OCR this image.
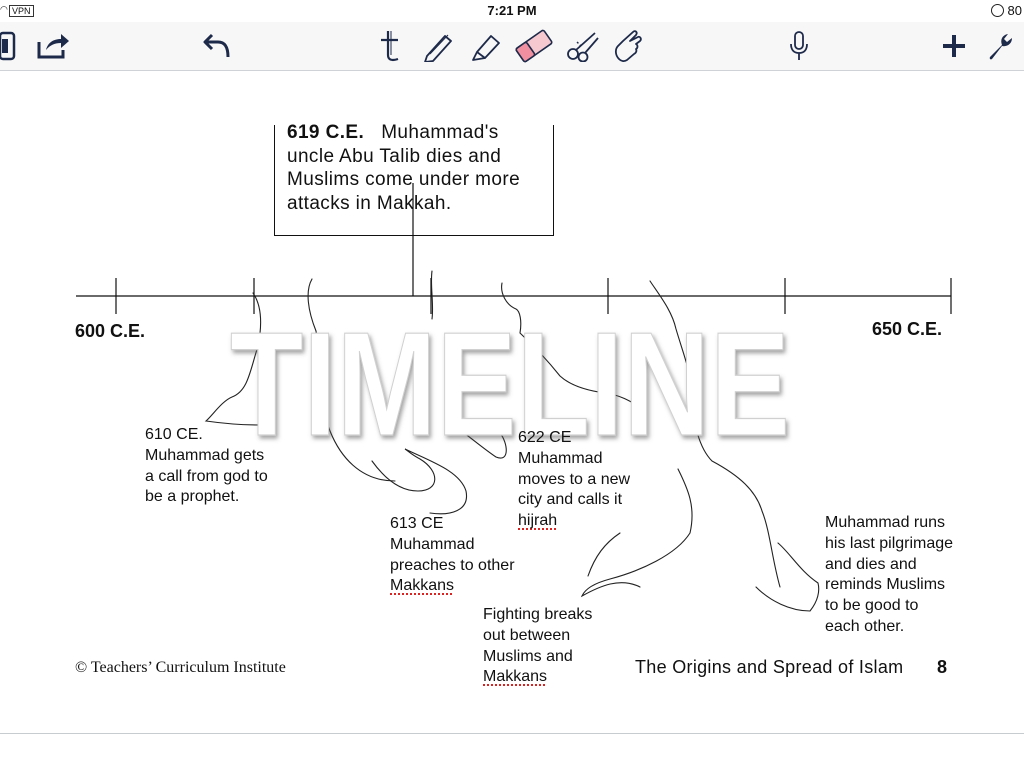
◠ VPN	7:21 PM	80
619 C.E. Muhammad's uncle Abu Talib dies and Muslims come under more attacks in Makkah.
600 C.E.	650 C.E.
TIMELINE
610 CE.
Muhammad gets
a call from god to
be a prophet.
613 CE
Muhammad
preaches to other
Makkans
622 CE
Muhammad
moves to a new
city and calls it
hijrah
Fighting breaks
out between
Muslims and
Makkans
Muhammad runs
his last pilgrimage
and dies and
reminds Muslims
to be good to
each other.
© Teachers’ Curriculum Institute	The Origins and Spread of Islam 8
